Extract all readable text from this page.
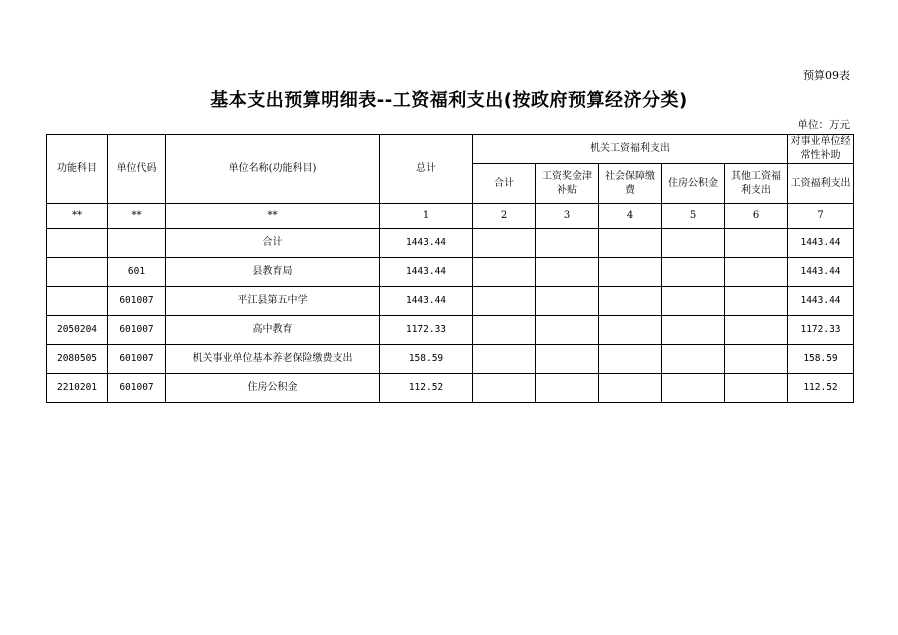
预算09表
基本支出预算明细表--工资福利支出(按政府预算经济分类)
单位：万元
功能科目	单位代码	单位名称(功能科目)	总计	机关工资福利支出					对事业单位经常性补助
				合计	工资奖金津补贴	社会保障缴费	住房公积金	其他工资福利支出	工资福利支出
**	**	**	1	2	3	4	5	6	7
		合计	1443.44						1443.44
	601	县教育局	1443.44						1443.44
	601007	平江县第五中学	1443.44						1443.44
2050204	601007	高中教育	1172.33						1172.33
2080505	601007	机关事业单位基本养老保险缴费支出	158.59						158.59
2210201	601007	住房公积金	112.52						112.52
